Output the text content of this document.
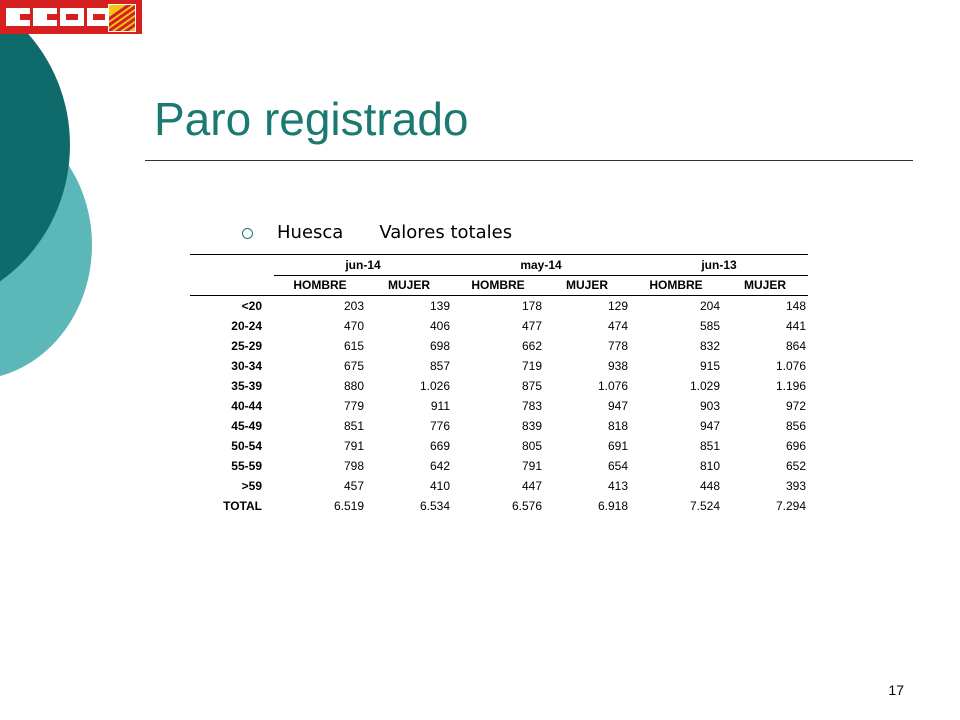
Paro registrado
Huesca Valores totales
	jun-14		may-14		jun-13	
	HOMBRE	MUJER	HOMBRE	MUJER	HOMBRE	MUJER
<20	203	139	178	129	204	148
20-24	470	406	477	474	585	441
25-29	615	698	662	778	832	864
30-34	675	857	719	938	915	1.076
35-39	880	1.026	875	1.076	1.029	1.196
40-44	779	911	783	947	903	972
45-49	851	776	839	818	947	856
50-54	791	669	805	691	851	696
55-59	798	642	791	654	810	652
>59	457	410	447	413	448	393
TOTAL	6.519	6.534	6.576	6.918	7.524	7.294
17
